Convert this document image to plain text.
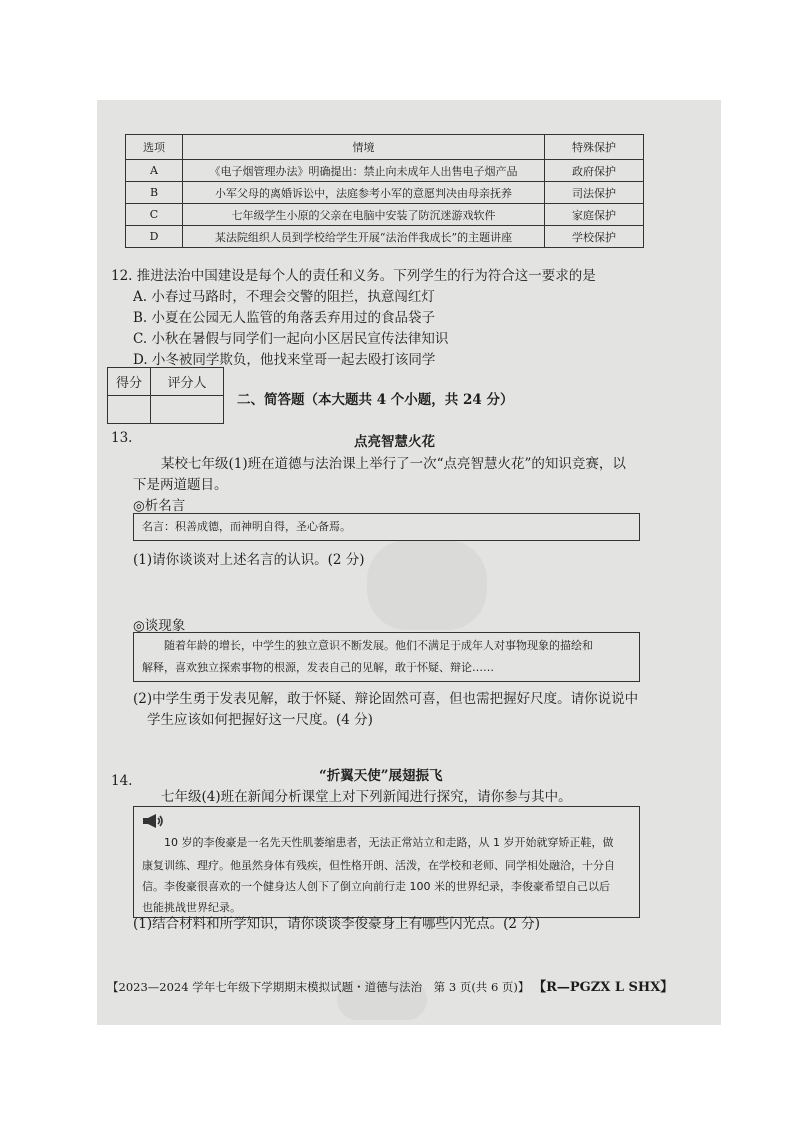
选项	情境	特殊保护
A	《电子烟管理办法》明确提出：禁止向未成年人出售电子烟产品	政府保护
B	小军父母的离婚诉讼中，法庭参考小军的意愿判决由母亲抚养	司法保护
C	七年级学生小原的父亲在电脑中安装了防沉迷游戏软件	家庭保护
D	某法院组织人员到学校给学生开展“法治伴我成长”的主题讲座	学校保护
12. 推进法治中国建设是每个人的责任和义务。下列学生的行为符合这一要求的是
A. 小春过马路时，不理会交警的阻拦，执意闯红灯
B. 小夏在公园无人监管的角落丢弃用过的食品袋子
C. 小秋在暑假与同学们一起向小区居民宣传法律知识
D. 小冬被同学欺负，他找来堂哥一起去殴打该同学
得分	评分人

二、简答题（本大题共 4 个小题，共 24 分）
13.	点亮智慧火花
某校七年级(1)班在道德与法治课上举行了一次“点亮智慧火花”的知识竞赛，以
下是两道题目。
◎析名言
名言：积善成德，而神明自得，圣心备焉。
(1)请你谈谈对上述名言的认识。(2 分)
◎谈现象
随着年龄的增长，中学生的独立意识不断发展。他们不满足于成年人对事物现象的描绘和
解释，喜欢独立探索事物的根源，发表自己的见解，敢于怀疑、辩论……
(2)中学生勇于发表见解，敢于怀疑、辩论固然可喜，但也需把握好尺度。请你说说中
学生应该如何把握好这一尺度。(4 分)
14.	“折翼天使”展翅振飞
七年级(4)班在新闻分析课堂上对下列新闻进行探究，请你参与其中。
10 岁的李俊豪是一名先天性肌萎缩患者，无法正常站立和走路，从 1 岁开始就穿矫正鞋，做
康复训练、理疗。他虽然身体有残疾，但性格开朗、活泼，在学校和老师、同学相处融洽，十分自
信。李俊豪很喜欢的一个健身达人创下了倒立向前行走 100 米的世界纪录，李俊豪希望自己以后
也能挑战世界纪录。
(1)结合材料和所学知识，请你谈谈李俊豪身上有哪些闪光点。(2 分)
【2023—2024 学年七年级下学期期末模拟试题・道德与法治　第 3 页(共 6 页)】 【R—PGZX L SHX】
